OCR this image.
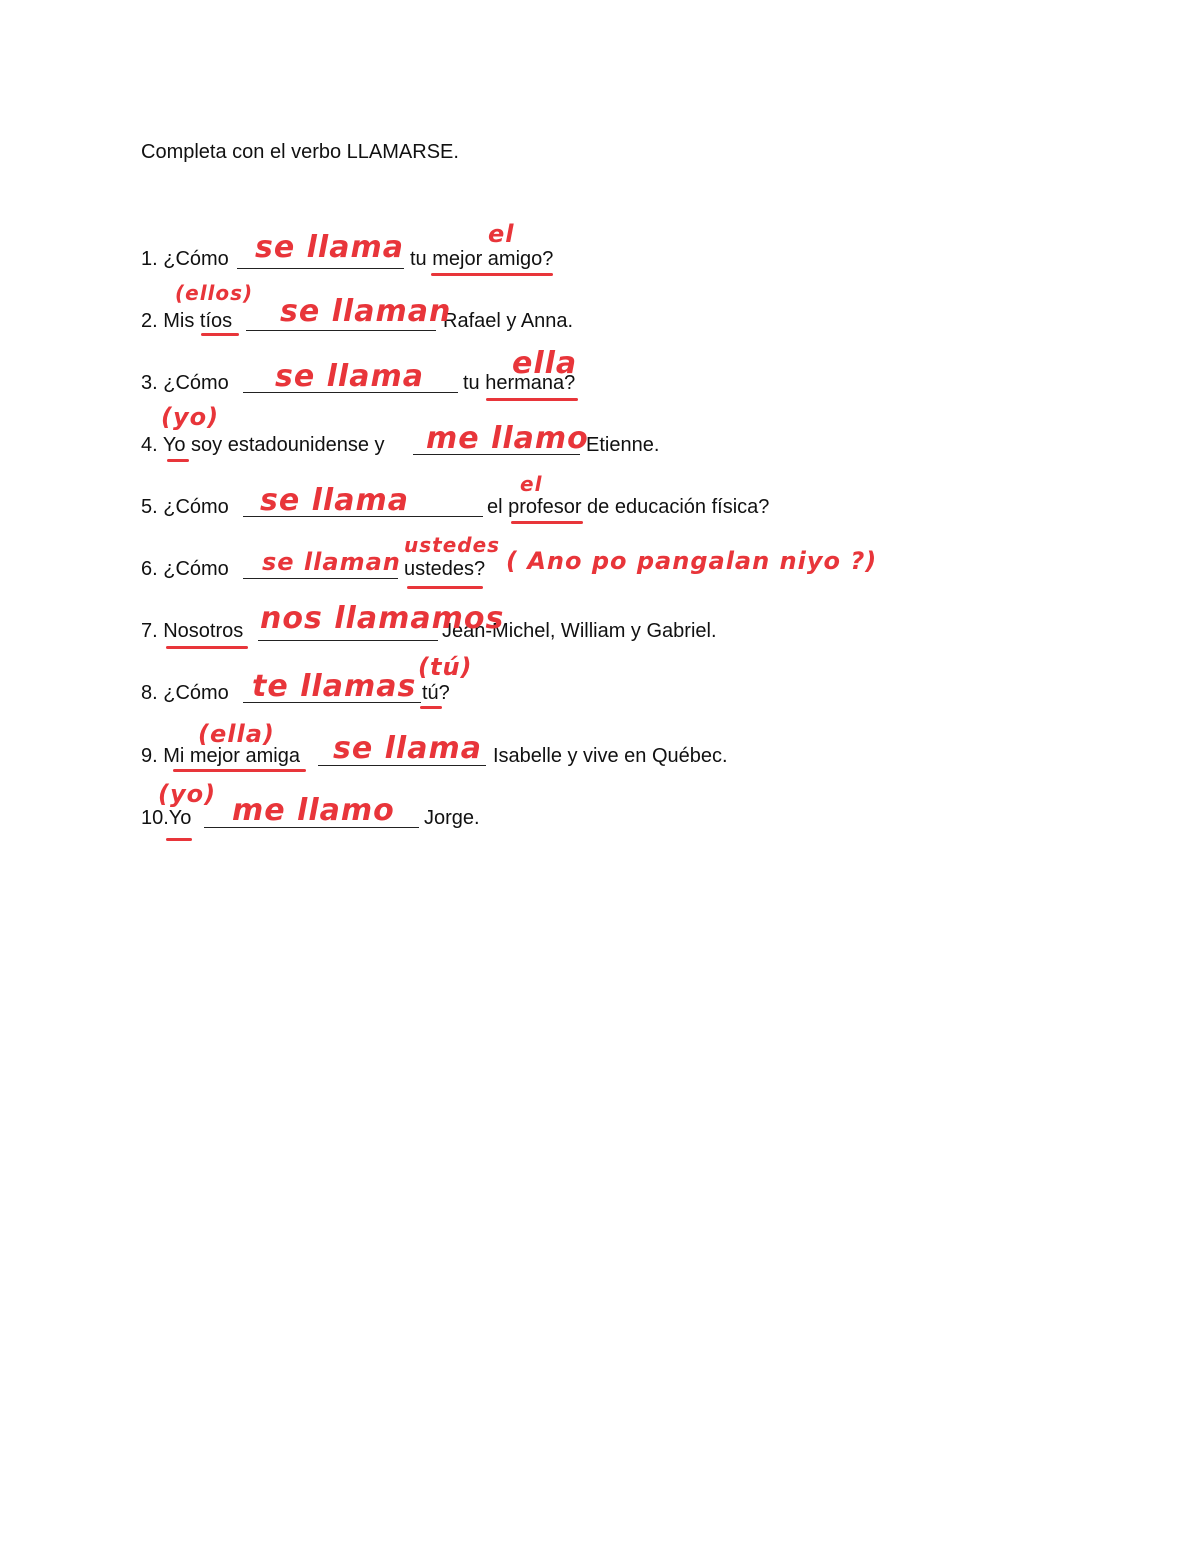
Completa con el verbo LLAMARSE.
1. ¿Cómo	tu mejor amigo?
se llama	el
2. Mis tíos	Rafael y Anna.
se llaman
(ellos)
3. ¿Cómo	tu hermana?
se llama	ella
4. Yo soy estadounidense y	Etienne.
me llamo
(yo)
5. ¿Cómo	el profesor de educación física?
se llama	el
6. ¿Cómo	ustedes?
se llaman
ustedes
( Ano po pangalan niyo ?)
7. Nosotros	Jean-Michel, William y Gabriel.
nos llamamos
8. ¿Cómo	tú?
te llamas
(tú)
9. Mi mejor amiga	Isabelle y vive en Québec.
se llama
(ella)
10.Yo	Jorge.
me llamo
(yo)
